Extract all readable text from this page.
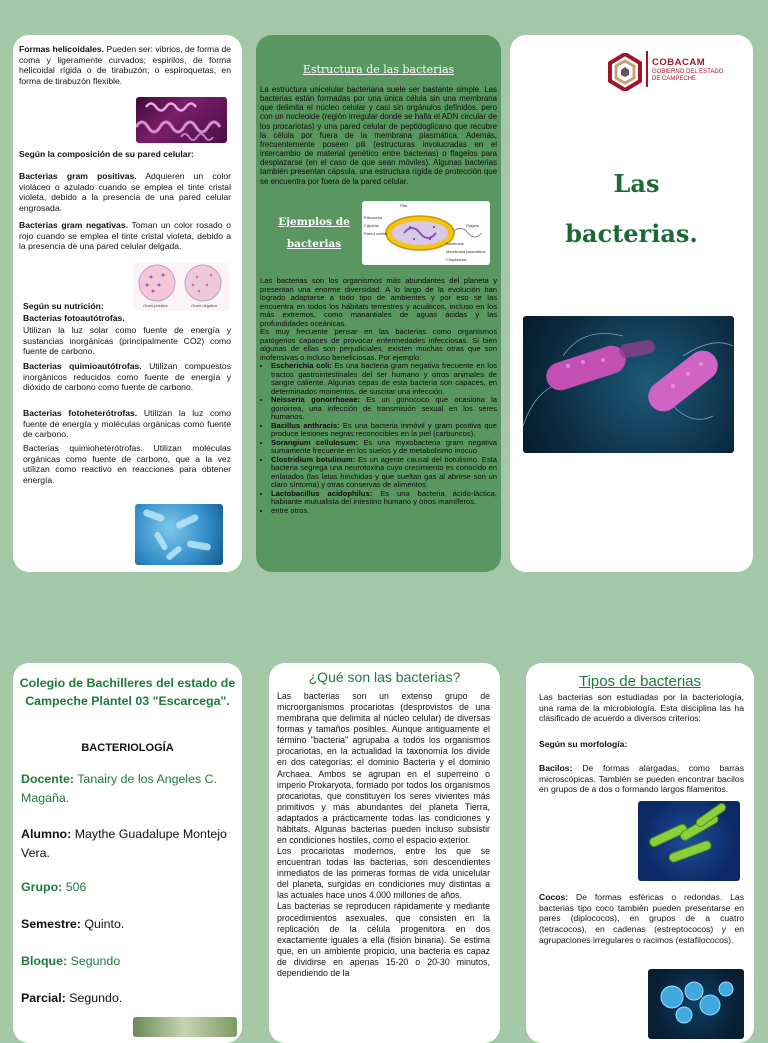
Formas helicoidales. Pueden ser: vibrios, de forma de coma y ligeramente curvados; espirilos, de forma helicoidal rígida o de tirabuzón; o espiroquetas, en forma de tirabuzón flexible.
Según la composición de su pared celular:
Bacterias gram positivas. Adquieren un color violáceo o azulado cuando se emplea el tinte cristal violeta, debido a la presencia de una pared celular engrosada.
Bacterias gram negativas. Toman un color rosado o rojo cuando se emplea el tinte cristal violeta, debido a la presencia de una pared celular delgada.
Gram-positive	Gram-negative
Según su nutrición:
Bacterias fotoautótrofas.
Utilizan la luz solar como fuente de energía y sustancias inorgánicas (principalmente CO2) como fuente de carbono.
Bacterias quimioautótrofas. Utilizan compuestos inorgánicos reducidos como fuente de energía y dióxido de carbono como fuente de carbono.
Bacterias fotoheterótrofas. Utilizan la luz como fuente de energía y moléculas orgánicas como fuente de carbono.
Bacterias quimioheterótrofas. Utilizan moléculas orgánicas como fuente de carbono, que a la vez utilizan como reactivo en reacciones para obtener energía.
Estructura de las bacterias
La estructura unicelular bacteriana suele ser bastante simple. Las bacterias están formadas por una única célula sin una membrana que delimita el núcleo celular y casi sin orgánulos definidos, pero con un nucleoide (región irregular donde se halla el ADN circular de los procariotas) y una pared celular de peptidoglicano que recubre la célula por fuera de la membrana plasmática. Además, frecuentemente poseen pili (estructuras involucradas en el intercambio de material genético entre bacterias) o flagelos para desplazarse (en el caso de que sean móviles). Algunas bacterias también presentan cápsula, una estructura rígida de protección que se encuentra por fuera de la pared celular.
Ejemplos de
bacterias
Pilis
Ribosoma
Cápsula
Pared celular
Nucleoide
Flagelo
Membrana plasmática
Citoplasma

Las bacterias son los organismos más abundantes del planeta y presentan una enorme diversidad. A lo largo de la evolución han logrado adaptarse a todo tipo de ambientes y por eso se las encuentra en todos los hábitats terrestres y acuáticos, incluso en los más extremos, como manantiales de aguas ácidas y las profundidades oceánicas.

Es muy frecuente pensar en las bacterias como organismos patógenos capaces de provocar enfermedades infecciosas. Si bien algunas de ellas son perjudiciales, existen muchas otras que son inofensivas o incluso beneficiosas. Por ejemplo:

• Escherichia coli: Es una bacteria gram negativa frecuente en los tractos gastrointestinales del ser humano y otros animales de sangre caliente. Algunas cepas de esta bacteria son capaces, en determinados momentos, de suscitar una infección.
• Neisseria gonorrhoeae: Es un gonococo que ocasiona la gonorrea, una infección de transmisión sexual en los seres humanos.
• Bacillus anthracis: Es una bacteria inmóvil y gram positiva que produce lesiones negras reconocibles en la piel (carbuncos).
• Sorangium cellulosum: Es una myxobacteria gram negativa sumamente frecuente en los suelos y de metabolismo inocuo.
• Clostridium botulinum: Es un agente causal del botulismo. Esta bacteria segrega una neurotoxina cuyo crecimiento es conocido en enlatados (las latas hinchidas y que sueltan gas al abrirse son un claro síntoma) y otras conservas de alimentos.
• Lactobacillus acidophilus: Es una bacteria ácido-láctica, habitante mutualista del intestino humano y otros mamíferos.
• entre otros.
COBACAM
GOBIERNO DEL ESTADO
DE CAMPECHE
Las
bacterias.
Colegio de Bachilleres del estado de Campeche Plantel 03 "Escarcega".
BACTERIOLOGÍA
Docente: Tanairy de los Angeles C. Magaña.
Alumno: Maythe Guadalupe Montejo Vera.
Grupo: 506
Semestre: Quinto.
Bloque: Segundo
Parcial: Segundo.
¿Qué son las bacterias?

Las bacterias son un extenso grupo de microorganismos procariotas (desprovistos de una membrana que delimita al núcleo celular) de diversas formas y tamaños posibles. Aunque antiguamente el término "bacteria" agrupaba a todos los organismos procariotas, en la actualidad la taxonomía los divide en dos categorías: el dominio Bacteria y el dominio Archaea. Ambos se agrupan en el superreino o imperio Prokaryota, formado por todos los organismos procariotas, que constituyen los seres vivientes más primitivos y más abundantes del planeta Tierra, adaptados a prácticamente todas las condiciones y hábitats. Algunas bacterias pueden incluso subsistir en condiciones hostiles, como el espacio exterior.

Los procariotas modernos, entre los que se encuentran todas las bacterias, son descendientes inmediatos de las primeras formas de vida unicelular del planeta, surgidas en condiciones muy distintas a las actuales hace unos 4.000 millones de años.

Las bacterias se reproducen rápidamente y mediante procedimientos asexuales, que consisten en la replicación de la célula progenitora en dos exactamente iguales a ella (fisión binaria). Se estima que, en un ambiente propicio, una bacteria es capaz de dividirse en apenas 15-20 o 20-30 minutos, dependiendo de la

Tipos de bacterias
Las bacterias son estudiadas por la bacteriología, una rama de la microbiología. Esta disciplina las ha clasificado de acuerdo a diversos criterios:
Según su morfología:
Bacilos: De formas alargadas, como barras microscópicas. También se pueden encontrar bacilos en grupos de a dos o formando largos filamentos.
Cocos: De formas esféricas o redondas. Las bacterias tipo coco también pueden presentarse en pares (diplococos), en grupos de a cuatro (tetracocos), en cadenas (estreptococos) y en agrupaciones irregulares o racimos (estafilococos).
